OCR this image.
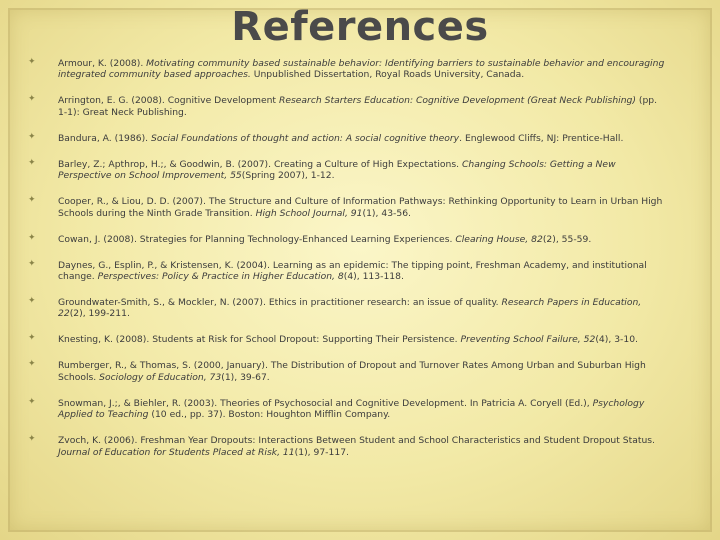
References
✦ Armour, K. (2008). Motivating community based sustainable behavior: Identifying barriers to sustainable behavior and encouraging integrated community based approaches. Unpublished Dissertation, Royal Roads University, Canada.
✦ Arrington, E. G. (2008). Cognitive Development Research Starters Education: Cognitive Development (Great Neck Publishing) (pp. 1-1): Great Neck Publishing.
✦ Bandura, A. (1986). Social Foundations of thought and action: A social cognitive theory. Englewood Cliffs, NJ: Prentice-Hall.
✦ Barley, Z.; Apthrop, H.;, & Goodwin, B. (2007). Creating a Culture of High Expectations. Changing Schools: Getting a New Perspective on School Improvement, 55(Spring 2007), 1-12.
✦ Cooper, R., & Liou, D. D. (2007). The Structure and Culture of Information Pathways: Rethinking Opportunity to Learn in Urban High Schools during the Ninth Grade Transition. High School Journal, 91(1), 43-56.
✦ Cowan, J. (2008). Strategies for Planning Technology-Enhanced Learning Experiences. Clearing House, 82(2), 55-59.
✦ Daynes, G., Esplin, P., & Kristensen, K. (2004). Learning as an epidemic: The tipping point, Freshman Academy, and institutional change. Perspectives: Policy & Practice in Higher Education, 8(4), 113-118.
✦ Groundwater-Smith, S., & Mockler, N. (2007). Ethics in practitioner research: an issue of quality. Research Papers in Education, 22(2), 199-211.
✦ Knesting, K. (2008). Students at Risk for School Dropout: Supporting Their Persistence. Preventing School Failure, 52(4), 3-10.
✦ Rumberger, R., & Thomas, S. (2000, January). The Distribution of Dropout and Turnover Rates Among Urban and Suburban High Schools. Sociology of Education, 73(1), 39-67.
✦ Snowman, J.;, & Biehler, R. (2003). Theories of Psychosocial and Cognitive Development. In Patricia A. Coryell (Ed.), Psychology Applied to Teaching (10 ed., pp. 37). Boston: Houghton Mifflin Company.
✦ Zvoch, K. (2006). Freshman Year Dropouts: Interactions Between Student and School Characteristics and Student Dropout Status. Journal of Education for Students Placed at Risk, 11(1), 97-117.
